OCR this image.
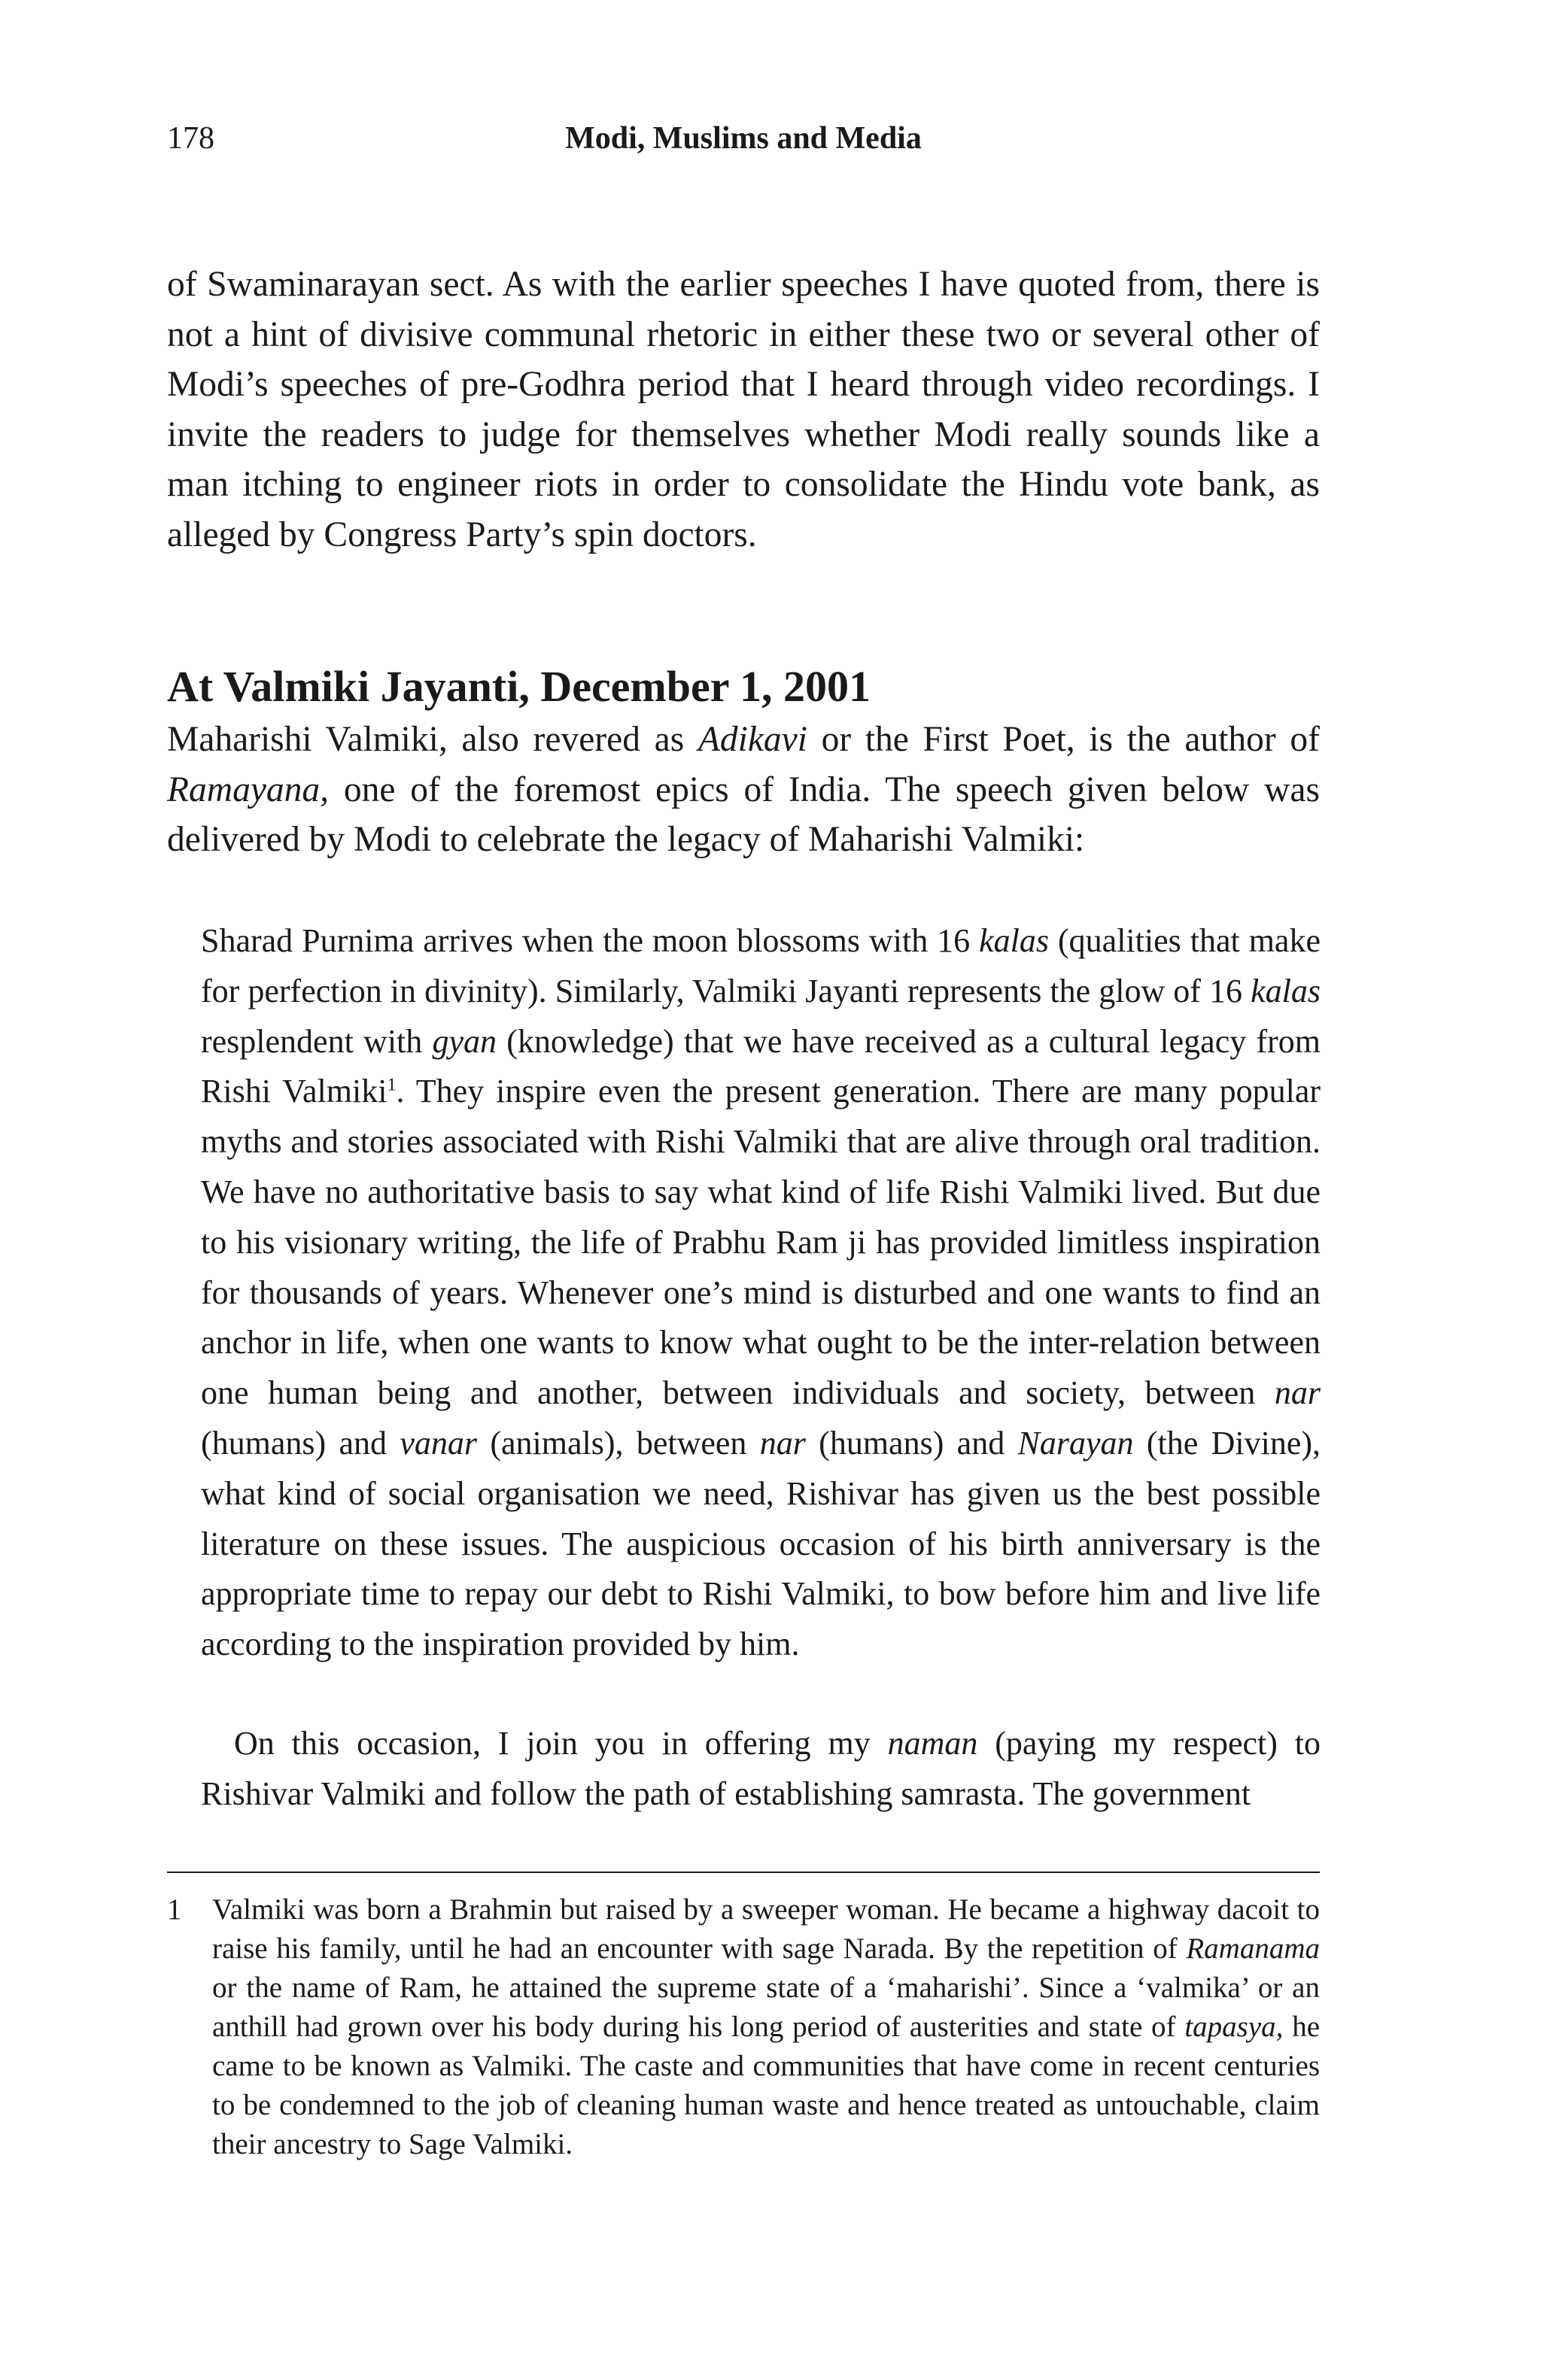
178	Modi, Muslims and Media

of Swaminarayan sect. As with the earlier speeches I have quoted from, there is not a hint of divisive communal rhetoric in either these two or several other of Modi’s speeches of pre-Godhra period that I heard through video recordings. I invite the readers to judge for themselves whether Modi really sounds like a man itching to engineer riots in order to consolidate the Hindu vote bank, as alleged by Congress Party’s spin doctors.

At Valmiki Jayanti, December 1, 2001

Maharishi Valmiki, also revered as Adikavi or the First Poet, is the author of Ramayana, one of the foremost epics of India. The speech given below was delivered by Modi to celebrate the legacy of Maharishi Valmiki:

Sharad Purnima arrives when the moon blossoms with 16 kalas (qualities that make for perfection in divinity). Similarly, Valmiki Jayanti represents the glow of 16 kalas resplendent with gyan (knowledge) that we have received as a cultural legacy from Rishi Valmiki$^1$. They inspire even the present generation. There are many popular myths and stories associated with Rishi Valmiki that are alive through oral tradition. We have no authoritative basis to say what kind of life Rishi Valmiki lived. But due to his visionary writing, the life of Prabhu Ram ji has provided limitless inspiration for thousands of years. Whenever one’s mind is disturbed and one wants to find an anchor in life, when one wants to know what ought to be the inter-relation between one human being and another, between individuals and society, between nar (humans) and vanar (animals), between nar (humans) and Narayan (the Divine), what kind of social organisation we need, Rishivar has given us the best possible literature on these issues. The auspicious occasion of his birth anniversary is the appropriate time to repay our debt to Rishi Valmiki, to bow before him and live life according to the inspiration provided by him.

On this occasion, I join you in offering my naman (paying my respect) to Rishivar Valmiki and follow the path of establishing samrasta. The government

1 Valmiki was born a Brahmin but raised by a sweeper woman. He became a highway dacoit to raise his family, until he had an encounter with sage Narada. By the repetition of Ramanama or the name of Ram, he attained the supreme state of a ‘maharishi’. Since a ‘valmika’ or an anthill had grown over his body during his long period of austerities and state of tapasya, he came to be known as Valmiki. The caste and communities that have come in recent centuries to be condemned to the job of cleaning human waste and hence treated as untouchable, claim their ancestry to Sage Valmiki.
